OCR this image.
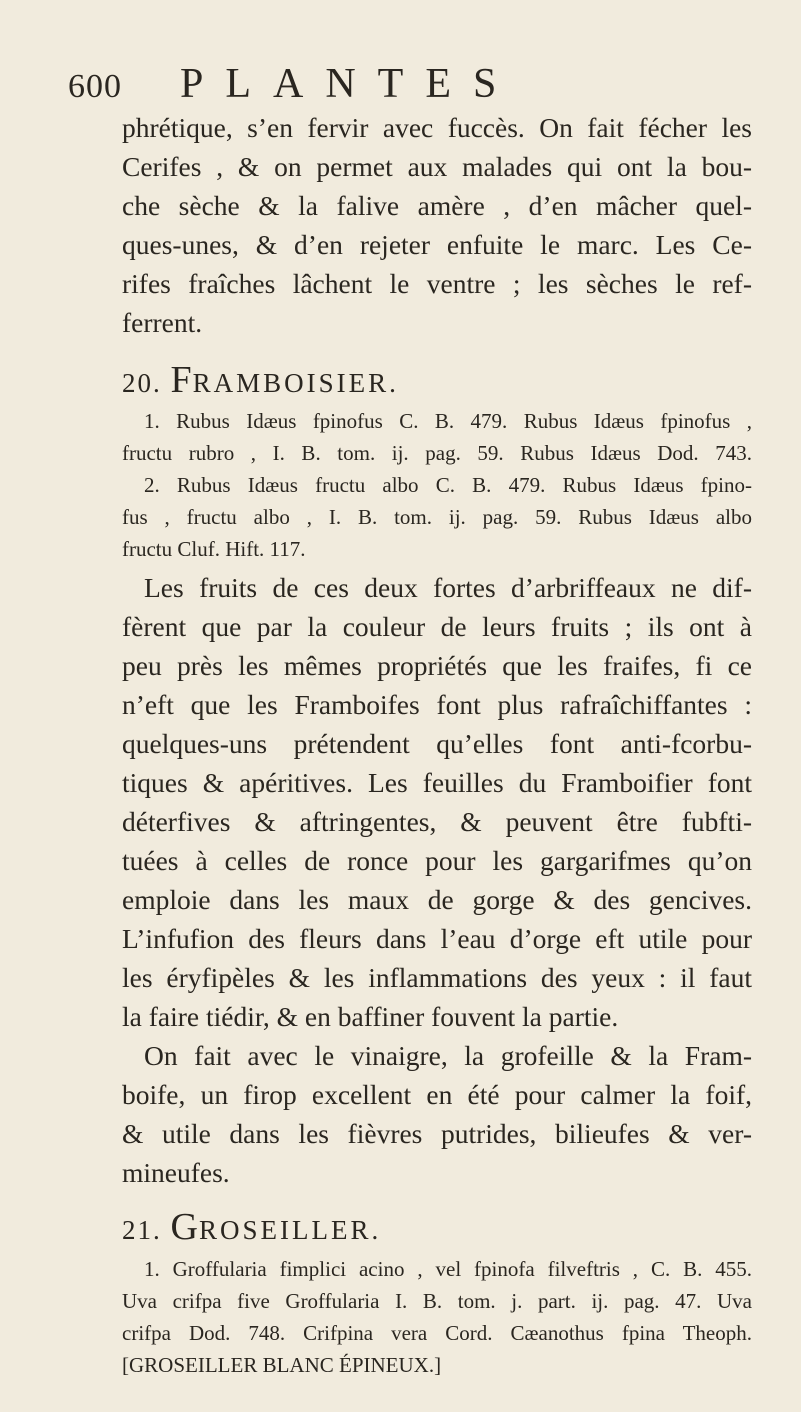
600 PLANTES
phrétique, s’en fervir avec fuccès. On fait fécher les
Cerifes , & on permet aux malades qui ont la bou-
che sèche & la falive amère , d’en mâcher quel-
ques-unes, & d’en rejeter enfuite le marc. Les Ce-
rifes fraîches lâchent le ventre ; les sèches le ref-
ferrent.
20. FRAMBOISIER.
1. Rubus Idæus fpinofus C. B. 479. Rubus Idæus fpinofus ,
fructu rubro , I. B. tom. ij. pag. 59. Rubus Idæus Dod. 743.
2. Rubus Idæus fructu albo C. B. 479. Rubus Idæus fpino-
fus , fructu albo , I. B. tom. ij. pag. 59. Rubus Idæus albo
fructu Cluf. Hift. 117.
Les fruits de ces deux fortes d’arbriffeaux ne dif-
fèrent que par la couleur de leurs fruits ; ils ont à
peu près les mêmes propriétés que les fraifes, fi ce
n’eft que les Framboifes font plus rafraîchiffantes :
quelques-uns prétendent qu’elles font anti-fcorbu-
tiques & apéritives. Les feuilles du Framboifier font
déterfives & aftringentes, & peuvent être fubfti-
tuées à celles de ronce pour les gargarifmes qu’on
emploie dans les maux de gorge & des gencives.
L’infufion des fleurs dans l’eau d’orge eft utile pour
les éryfipèles & les inflammations des yeux : il faut
la faire tiédir, & en baffiner fouvent la partie.
On fait avec le vinaigre, la grofeille & la Fram-
boife, un firop excellent en été pour calmer la foif,
& utile dans les fièvres putrides, bilieufes & ver-
mineufes.
21. GROSEILLER.
1. Groffularia fimplici acino , vel fpinofa filveftris , C. B. 455.
Uva crifpa five Groffularia I. B. tom. j. part. ij. pag. 47. Uva
crifpa Dod. 748. Crifpina vera Cord. Cæanothus fpina Theoph.
[GROSEILLER BLANC ÉPINEUX.]
